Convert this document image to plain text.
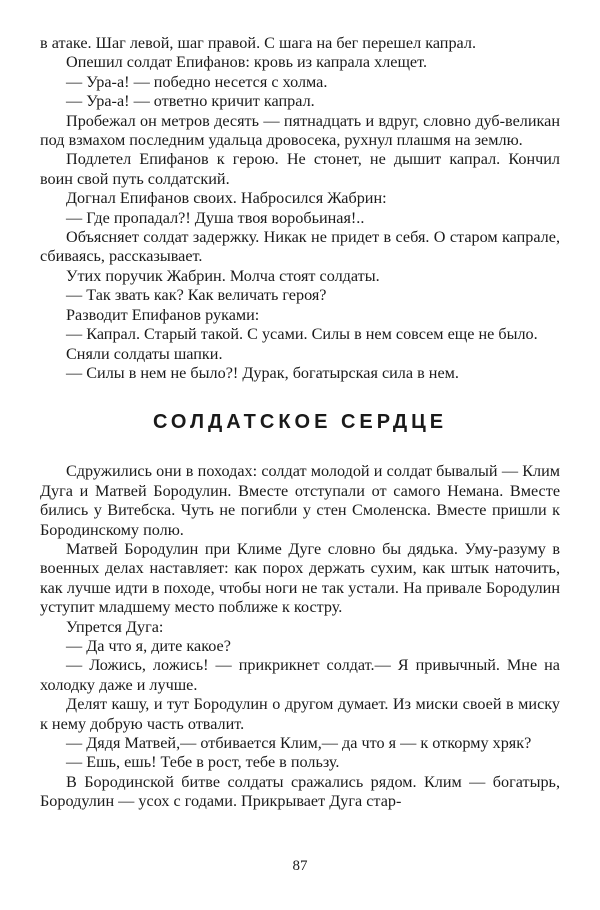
в атаке. Шаг левой, шаг правой. С шага на бег перешел капрал.

Опешил солдат Епифанов: кровь из капрала хлещет.

— Ура-а! — победно несется с холма.

— Ура-а! — ответно кричит капрал.

Пробежал он метров десять — пятнадцать и вдруг, словно дуб-великан под взмахом последним удальца дровосека, рухнул плашмя на землю.

Подлетел Епифанов к герою. Не стонет, не дышит капрал. Кончил воин свой путь солдатский.

Догнал Епифанов своих. Набросился Жабрин:

— Где пропадал?! Душа твоя воробьиная!..

Объясняет солдат задержку. Никак не придет в себя. О старом капрале, сбиваясь, рассказывает.

Утих поручик Жабрин. Молча стоят солдаты.

— Так звать как? Как величать героя?

Разводит Епифанов руками:

— Капрал. Старый такой. С усами. Силы в нем совсем еще не было.

Сняли солдаты шапки.

— Силы в нем не было?! Дурак, богатырская сила в нем.

СОЛДАТСКОЕ СЕРДЦЕ

Сдружились они в походах: солдат молодой и солдат бывалый — Клим Дуга и Матвей Бородулин. Вместе отступали от самого Немана. Вместе бились у Витебска. Чуть не погибли у стен Смоленска. Вместе пришли к Бородинскому полю.

Матвей Бородулин при Климе Дуге словно бы дядька. Уму-разуму в военных делах наставляет: как порох держать сухим, как штык наточить, как лучше идти в походе, чтобы ноги не так устали. На привале Бородулин уступит младшему место поближе к костру.

Упрется Дуга:

— Да что я, дите какое?

— Ложись, ложись! — прикрикнет солдат.— Я привычный. Мне на холодку даже и лучше.

Делят кашу, и тут Бородулин о другом думает. Из миски своей в миску к нему добрую часть отвалит.

— Дядя Матвей,— отбивается Клим,— да что я — к откорму хряк?

— Ешь, ешь! Тебе в рост, тебе в пользу.

В Бородинской битве солдаты сражались рядом. Клим — богатырь, Бородулин — усох с годами. Прикрывает Дуга стар-

87
